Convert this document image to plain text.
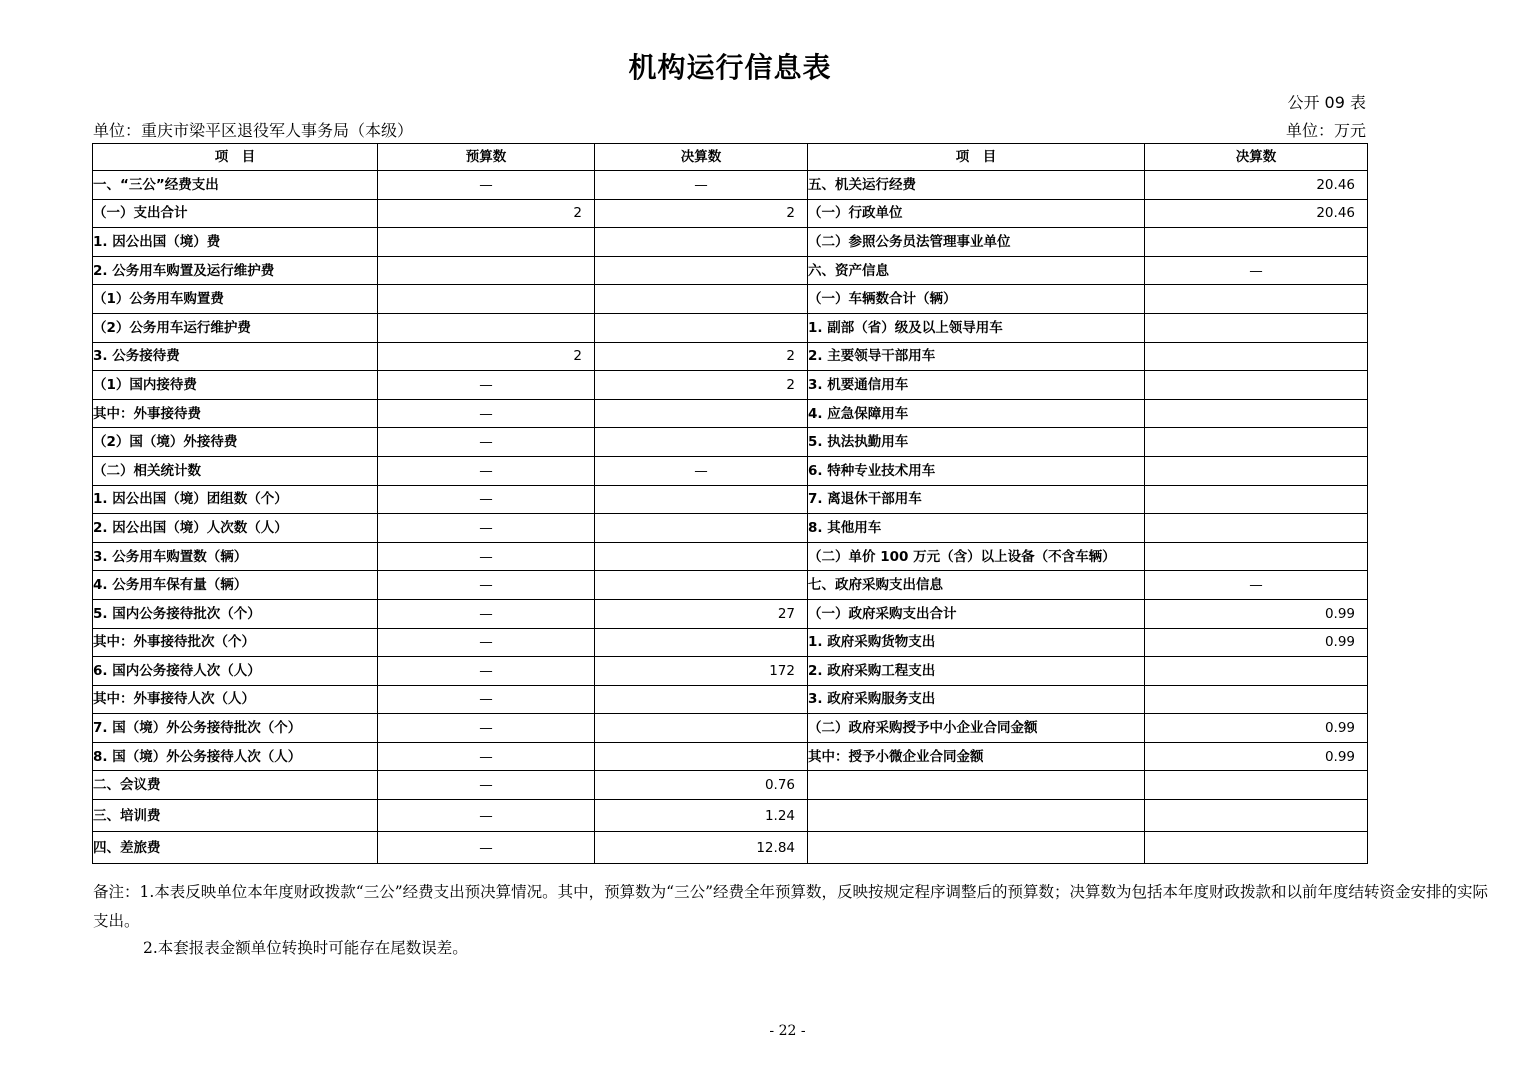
机构运行信息表
公开 09 表
单位：重庆市梁平区退役军人事务局（本级）	单位：万元
项　目	预算数	决算数	项　目	决算数
一、“三公”经费支出	—	—	五、机关运行经费	20.46
（一）支出合计	2	2	（一）行政单位	20.46
1. 因公出国（境）费			（二）参照公务员法管理事业单位	
2. 公务用车购置及运行维护费			六、资产信息	—
（1）公务用车购置费			（一）车辆数合计（辆）	
（2）公务用车运行维护费			1. 副部（省）级及以上领导用车	
3. 公务接待费	2	2	2. 主要领导干部用车	
（1）国内接待费	—	2	3. 机要通信用车	
其中：外事接待费	—		4. 应急保障用车	
（2）国（境）外接待费	—		5. 执法执勤用车	
（二）相关统计数	—	—	6. 特种专业技术用车	
1. 因公出国（境）团组数（个）	—		7. 离退休干部用车	
2. 因公出国（境）人次数（人）	—		8. 其他用车	
3. 公务用车购置数（辆）	—		（二）单价 100 万元（含）以上设备（不含车辆）	
4. 公务用车保有量（辆）	—		七、政府采购支出信息	—
5. 国内公务接待批次（个）	—	27	（一）政府采购支出合计	0.99
其中：外事接待批次（个）	—		1. 政府采购货物支出	0.99
6. 国内公务接待人次（人）	—	172	2. 政府采购工程支出	
其中：外事接待人次（人）	—		3. 政府采购服务支出	
7. 国（境）外公务接待批次（个）	—		（二）政府采购授予中小企业合同金额	0.99
8. 国（境）外公务接待人次（人）	—		其中：授予小微企业合同金额	0.99
二、会议费	—	0.76		
三、培训费	—	1.24		
四、差旅费	—	12.84		
备注：1.本表反映单位本年度财政拨款“三公”经费支出预决算情况。其中，预算数为“三公”经费全年预算数，反映按规定程序调整后的预算数；决算数为包括本年度财政拨款和以前年度结转资金安排的实际支出。
2.本套报表金额单位转换时可能存在尾数误差。
- 22 -
